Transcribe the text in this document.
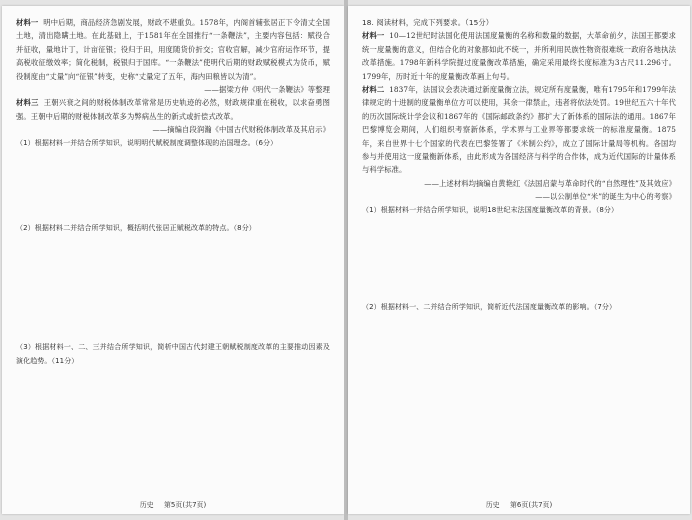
材料一 明中后期，商品经济急剧发展，财政不堪重负。1578年，内阁首辅张居正下令清丈全国土地，清出隐瞒土地。在此基础上，于1581年在全国推行“一条鞭法”，主要内容包括：赋役合并征收，量地计丁，计亩征银；役归于田，用度随货价折交；官收官解，减少官府运作环节，提高税收征缴效率；简化税制，税银归于国库。“一条鞭法”使明代后期的财政赋税模式为货币，赋役制度由“丈量”向“征银”转变，史称“丈量定了五年，海内田粮皆以为清”。

——据梁方仲《明代一条鞭法》等整理

材料三 王朝兴衰之间的财税体制改革常常是历史轨迹的必然，财政规律重在税收，以求奋勇图强。王朝中后期的财税体制改革多为弊病丛生的新式或折偿式改革。

——摘编自段润瀚《中国古代财税体制改革及其启示》

（1）根据材料一并结合所学知识，说明明代赋税制度调整体现的治国理念。（6分）

（2）根据材料二并结合所学知识，概括明代张居正赋税改革的特点。（8分）

（3）根据材料一、二、三并结合所学知识，简析中国古代封建王朝赋税制度改革的主要推动因素及演化趋势。（11分）

历史 第5页(共7页)

18. 阅读材料，完成下列要求。（15分）

材料一 10—12世纪时法国化使用法国度量衡的名称和数量的数据，大革命前夕，法国王都要求统一度量衡的意义，但结合化的对象都如此不统一，并所利用民族性物资很难统一政府各地执法改革措施。1798年新科学院提过度量衡改革措施，确定采用最终长度标准为3古尺11.296寸。1799年，历时近十年的度量衡改革画上句号。

材料二 1837年，法国议会表决通过新度量衡立法，规定所有度量衡，唯有1795年和1799年法律规定的十进制的度量衡单位方可以使用，其余一律禁止，违者将依法处罚。19世纪五六十年代的历次国际统计学会议和1867年的《国际邮政条约》都扩大了新体系的国际法的通用。1867年巴黎博览会期间，人们组织考察新体系，学术界与工业界等都要求统一的标准度量衡。1875年，来自世界十七个国家的代表在巴黎签署了《米制公约》，成立了国际计量局等机构。各国均参与并使用这一度量衡新体系，由此形成为各国经济与科学的合作体，成为近代国际的计量体系与科学标准。

——上述材料均摘编自黄艳红《法国启蒙与革命时代的“自然理性”及其效应》

——以公制单位“米”的诞生为中心的考察》

（1）根据材料一并结合所学知识，说明18世纪末法国度量衡改革的背景。（8分）

（2）根据材料一、二并结合所学知识，简析近代法国度量衡改革的影响。（7分）

历史 第6页(共7页)
